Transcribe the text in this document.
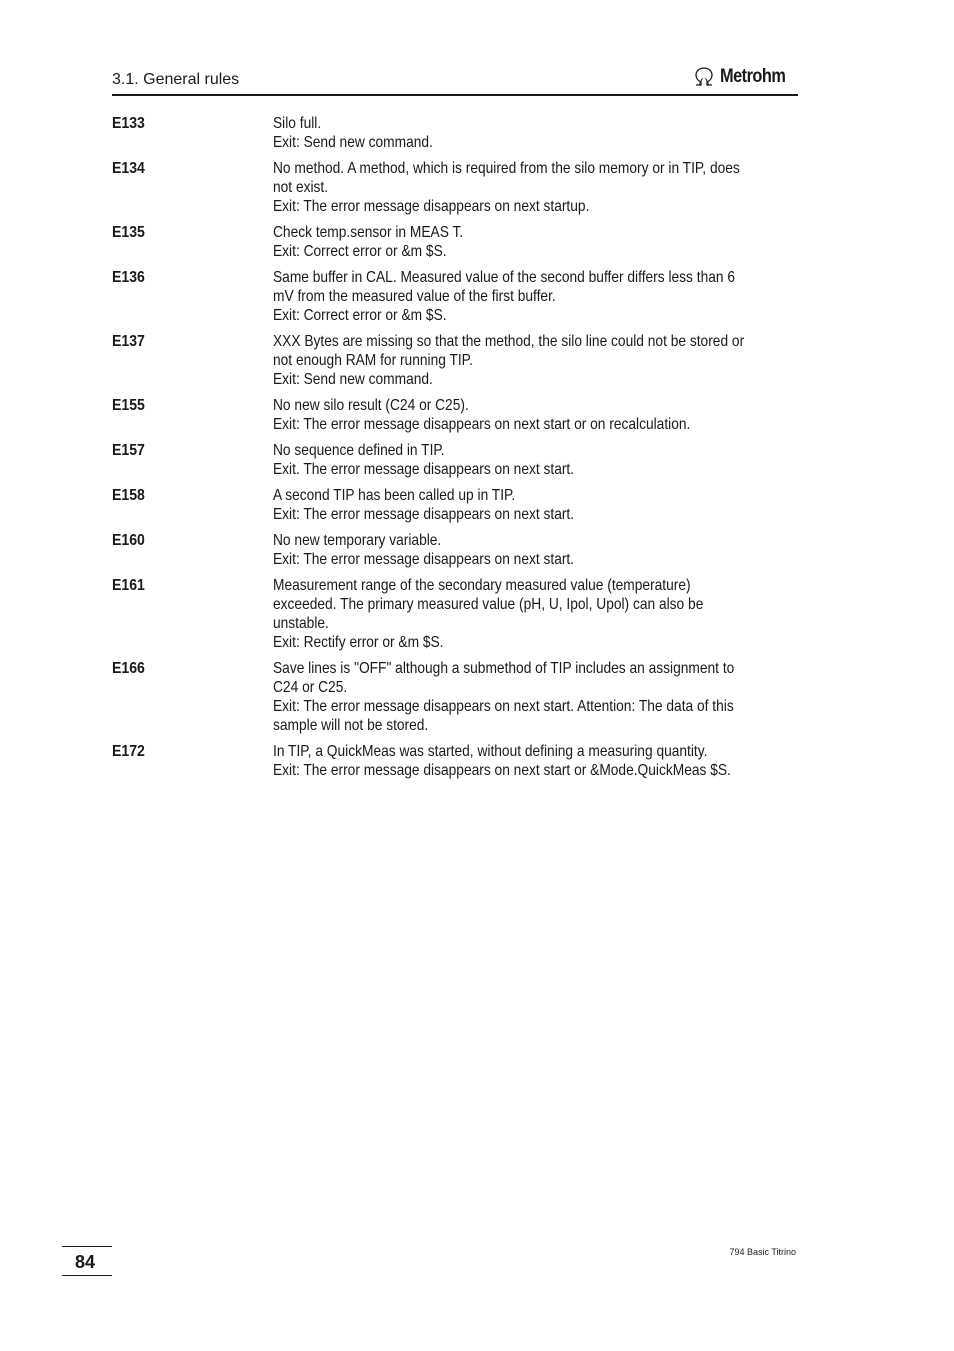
3.1. General rules	Metrohm
E133	Silo full.
Exit: Send new command.
E134	No method. A method, which is required from the silo memory or in TIP, does
not exist.
Exit: The error message disappears on next startup.
E135	Check temp.sensor in MEAS T.
Exit: Correct error or &m $S.
E136	Same buffer in CAL. Measured value of the second buffer differs less than 6
mV from the measured value of the first buffer.
Exit: Correct error or &m $S.
E137	XXX Bytes are missing so that the method, the silo line could not be stored or
not enough RAM for running TIP.
Exit: Send new command.
E155	No new silo result (C24 or C25).
Exit: The error message disappears on next start or on recalculation.
E157	No sequence defined in TIP.
Exit. The error message disappears on next start.
E158	A second TIP has been called up in TIP.
Exit: The error message disappears on next start.
E160	No new temporary variable.
Exit: The error message disappears on next start.
E161	Measurement range of the secondary measured value (temperature)
exceeded. The primary measured value (pH, U, Ipol, Upol) can also be
unstable.
Exit: Rectify error or &m $S.
E166	Save lines is "OFF" although a submethod of TIP includes an assignment to
C24 or C25.
Exit: The error message disappears on next start. Attention: The data of this
sample will not be stored.
E172	In TIP, a QuickMeas was started, without defining a measuring quantity.
Exit: The error message disappears on next start or &Mode.QuickMeas $S.
84	794 Basic Titrino
